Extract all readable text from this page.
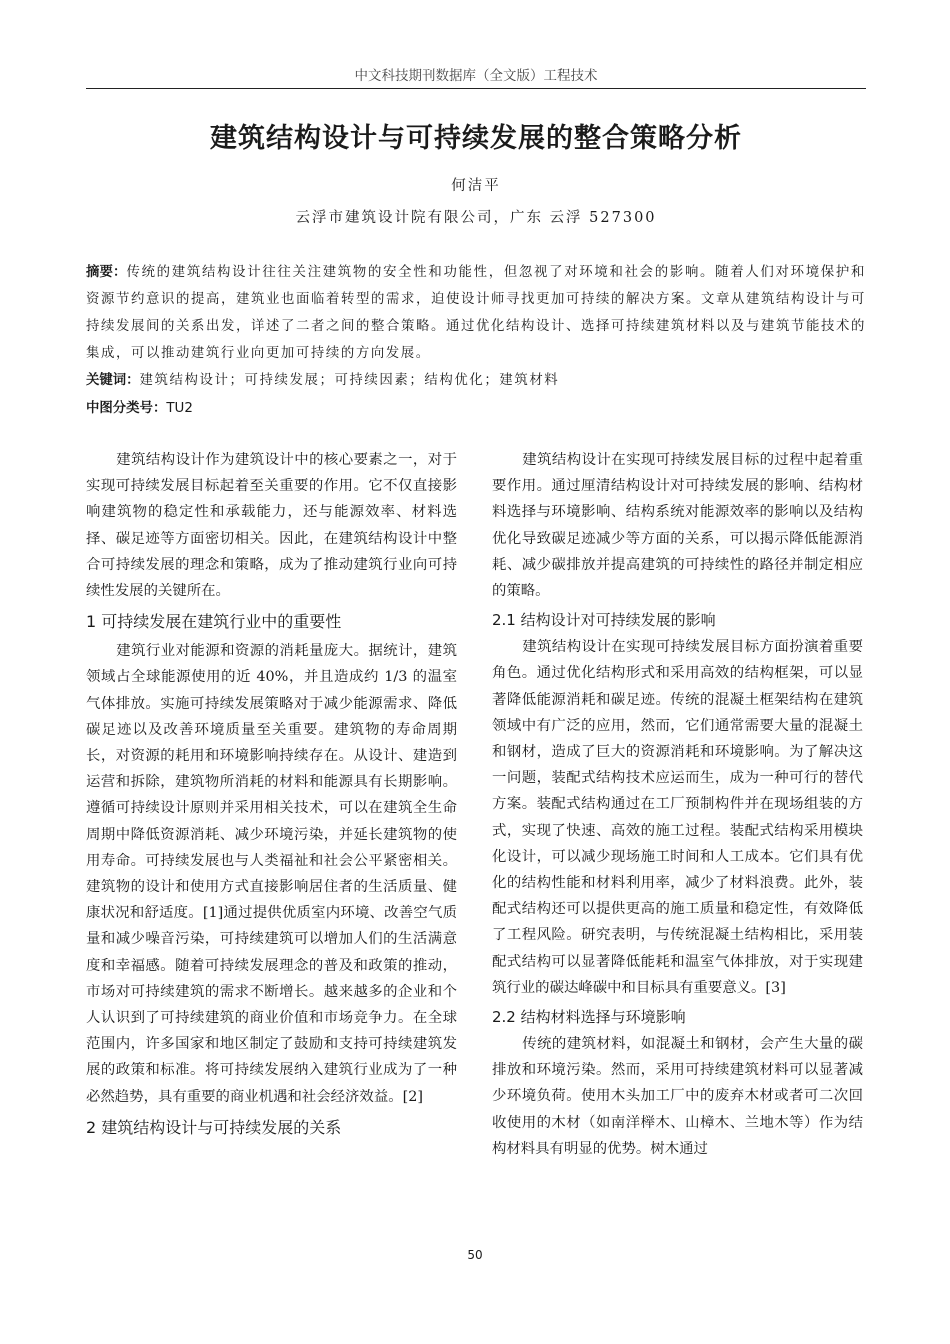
中文科技期刊数据库（全文版）工程技术
建筑结构设计与可持续发展的整合策略分析
何洁平
云浮市建筑设计院有限公司，广东 云浮 527300
摘要：传统的建筑结构设计往往关注建筑物的安全性和功能性，但忽视了对环境和社会的影响。随着人们对环境保护和资源节约意识的提高，建筑业也面临着转型的需求，迫使设计师寻找更加可持续的解决方案。文章从建筑结构设计与可持续发展间的关系出发，详述了二者之间的整合策略。通过优化结构设计、选择可持续建筑材料以及与建筑节能技术的集成，可以推动建筑行业向更加可持续的方向发展。
关键词：建筑结构设计；可持续发展；可持续因素；结构优化；建筑材料
中图分类号：TU2

建筑结构设计作为建筑设计中的核心要素之一，对于实现可持续发展目标起着至关重要的作用。它不仅直接影响建筑物的稳定性和承载能力，还与能源效率、材料选择、碳足迹等方面密切相关。因此，在建筑结构设计中整合可持续发展的理念和策略，成为了推动建筑行业向可持续性发展的关键所在。

1 可持续发展在建筑行业中的重要性

建筑行业对能源和资源的消耗量庞大。据统计，建筑领域占全球能源使用的近 40%，并且造成约 1/3 的温室气体排放。实施可持续发展策略对于减少能源需求、降低碳足迹以及改善环境质量至关重要。建筑物的寿命周期长，对资源的耗用和环境影响持续存在。从设计、建造到运营和拆除，建筑物所消耗的材料和能源具有长期影响。遵循可持续设计原则并采用相关技术，可以在建筑全生命周期中降低资源消耗、减少环境污染，并延长建筑物的使用寿命。可持续发展也与人类福祉和社会公平紧密相关。建筑物的设计和使用方式直接影响居住者的生活质量、健康状况和舒适度。[1]通过提供优质室内环境、改善空气质量和减少噪音污染，可持续建筑可以增加人们的生活满意度和幸福感。随着可持续发展理念的普及和政策的推动，市场对可持续建筑的需求不断增长。越来越多的企业和个人认识到了可持续建筑的商业价值和市场竞争力。在全球范围内，许多国家和地区制定了鼓励和支持可持续建筑发展的政策和标准。将可持续发展纳入建筑行业成为了一种必然趋势，具有重要的商业机遇和社会经济效益。[2]

2 建筑结构设计与可持续发展的关系

建筑结构设计在实现可持续发展目标的过程中起着重要作用。通过厘清结构设计对可持续发展的影响、结构材料选择与环境影响、结构系统对能源效率的影响以及结构优化导致碳足迹减少等方面的关系，可以揭示降低能源消耗、减少碳排放并提高建筑的可持续性的路径并制定相应的策略。

2.1 结构设计对可持续发展的影响

建筑结构设计在实现可持续发展目标方面扮演着重要角色。通过优化结构形式和采用高效的结构框架，可以显著降低能源消耗和碳足迹。传统的混凝土框架结构在建筑领域中有广泛的应用，然而，它们通常需要大量的混凝土和钢材，造成了巨大的资源消耗和环境影响。为了解决这一问题，装配式结构技术应运而生，成为一种可行的替代方案。装配式结构通过在工厂预制构件并在现场组装的方式，实现了快速、高效的施工过程。装配式结构采用模块化设计，可以减少现场施工时间和人工成本。它们具有优化的结构性能和材料利用率，减少了材料浪费。此外，装配式结构还可以提供更高的施工质量和稳定性，有效降低了工程风险。研究表明，与传统混凝土结构相比，采用装配式结构可以显著降低能耗和温室气体排放，对于实现建筑行业的碳达峰碳中和目标具有重要意义。[3]

2.2 结构材料选择与环境影响

传统的建筑材料，如混凝土和钢材，会产生大量的碳排放和环境污染。然而，采用可持续建筑材料可以显著减少环境负荷。使用木头加工厂中的废弃木材或者可二次回收使用的木材（如南洋榉木、山樟木、兰地木等）作为结构材料具有明显的优势。树木通过

50
